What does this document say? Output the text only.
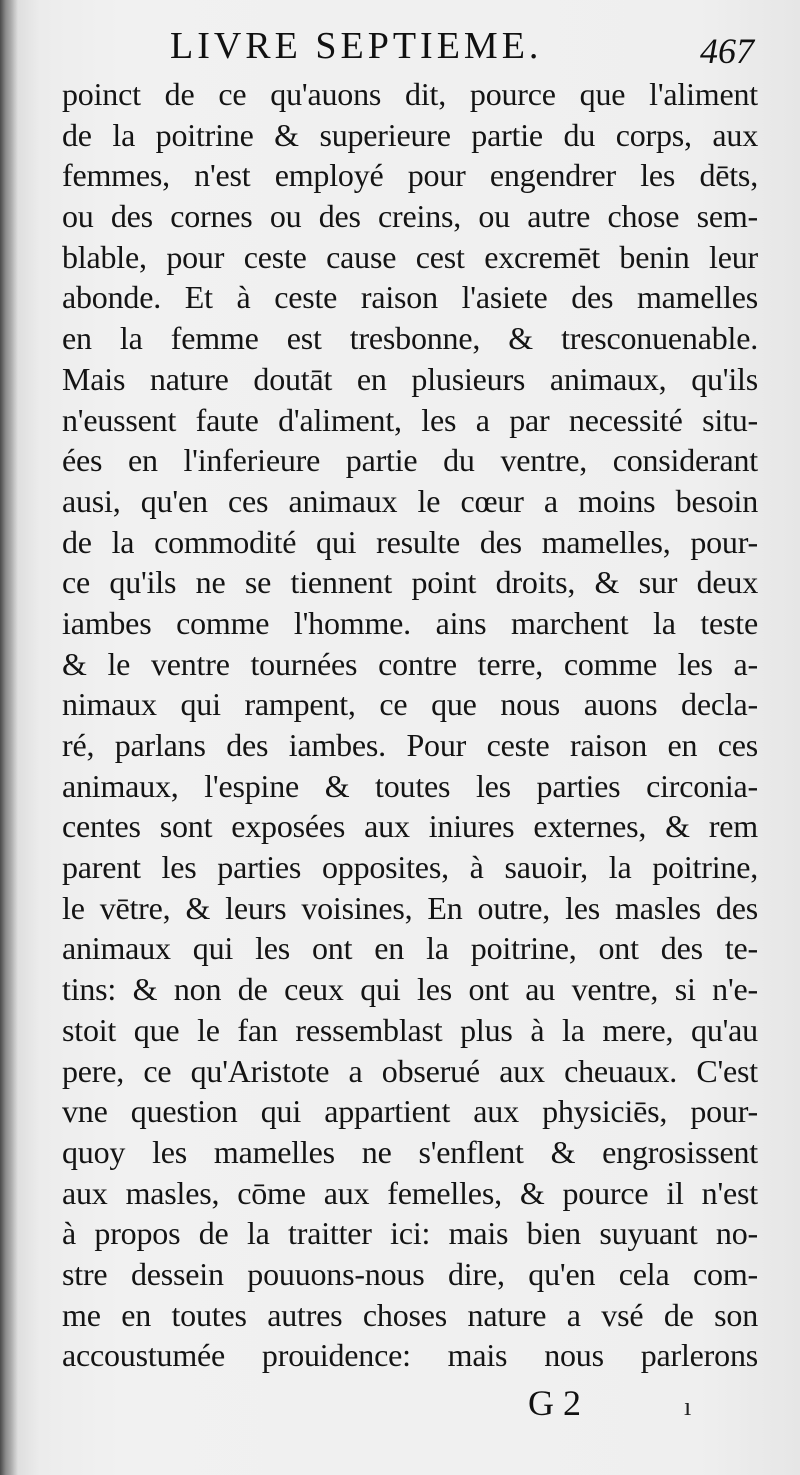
LIVRE SEPTIEME.	467
poinct de ce qu'auons dit, pource que l'aliment
de la poitrine & superieure partie du corps, aux
femmes, n'est employé pour engendrer les dēts,
ou des cornes ou des creins, ou autre chose sem-
blable, pour ceste cause cest excremēt benin leur
abonde. Et à ceste raison l'asiete des mamelles
en la femme est tresbonne, & tresconuenable.
Mais nature doutāt en plusieurs animaux, qu'ils
n'eussent faute d'aliment, les a par necessité situ-
ées en l'inferieure partie du ventre, considerant
ausi, qu'en ces animaux le cœur a moins besoin
de la commodité qui resulte des mamelles, pour-
ce qu'ils ne se tiennent point droits, & sur deux
iambes comme l'homme. ains marchent la teste
& le ventre tournées contre terre, comme les a-
nimaux qui rampent, ce que nous auons decla-
ré, parlans des iambes. Pour ceste raison en ces
animaux, l'espine & toutes les parties circonia-
centes sont exposées aux iniures externes, & rem
parent les parties opposites, à sauoir, la poitrine,
le vētre, & leurs voisines, En outre, les masles des
animaux qui les ont en la poitrine, ont des te-
tins: & non de ceux qui les ont au ventre, si n'e-
stoit que le fan ressemblast plus à la mere, qu'au
pere, ce qu'Aristote a obserué aux cheuaux. C'est
vne question qui appartient aux physiciēs, pour-
quoy les mamelles ne s'enflent & engrosissent
aux masles, cōme aux femelles, & pource il n'est
à propos de la traitter ici: mais bien suyuant no-
stre dessein pouuons-nous dire, qu'en cela com-
me en toutes autres choses nature a vsé de son
accoustumée prouidence: mais nous parlerons
G 2	ı
